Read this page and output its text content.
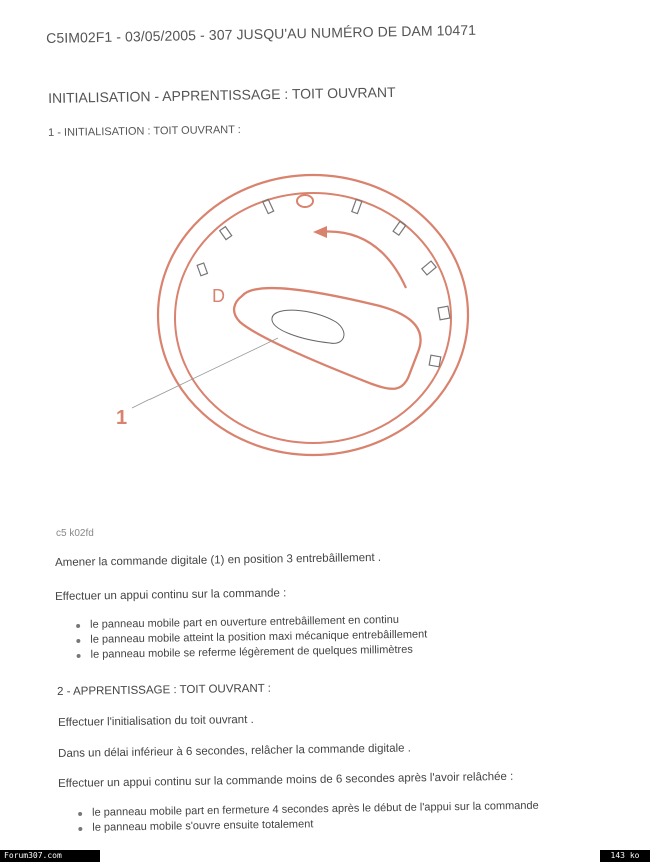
C5IM02F1 - 03/05/2005 - 307 JUSQU'AU NUMÉRO DE DAM 10471
INITIALISATION - APPRENTISSAGE : TOIT OUVRANT
1 - INITIALISATION : TOIT OUVRANT :
D
1
c5 k02fd
Amener la commande digitale (1) en position 3 entrebâillement .
Effectuer un appui continu sur la commande :
le panneau mobile part en ouverture entrebâillement en continu
le panneau mobile atteint la position maxi mécanique entrebâillement
le panneau mobile se referme légèrement de quelques millimètres
2 - APPRENTISSAGE : TOIT OUVRANT :
Effectuer l'initialisation du toit ouvrant .
Dans un délai inférieur à 6 secondes, relâcher la commande digitale .
Effectuer un appui continu sur la commande moins de 6 secondes après l'avoir relâchée :
le panneau mobile part en fermeture 4 secondes après le début de l'appui sur la commande
le panneau mobile s'ouvre ensuite totalement
Forum307.com	143 ko
